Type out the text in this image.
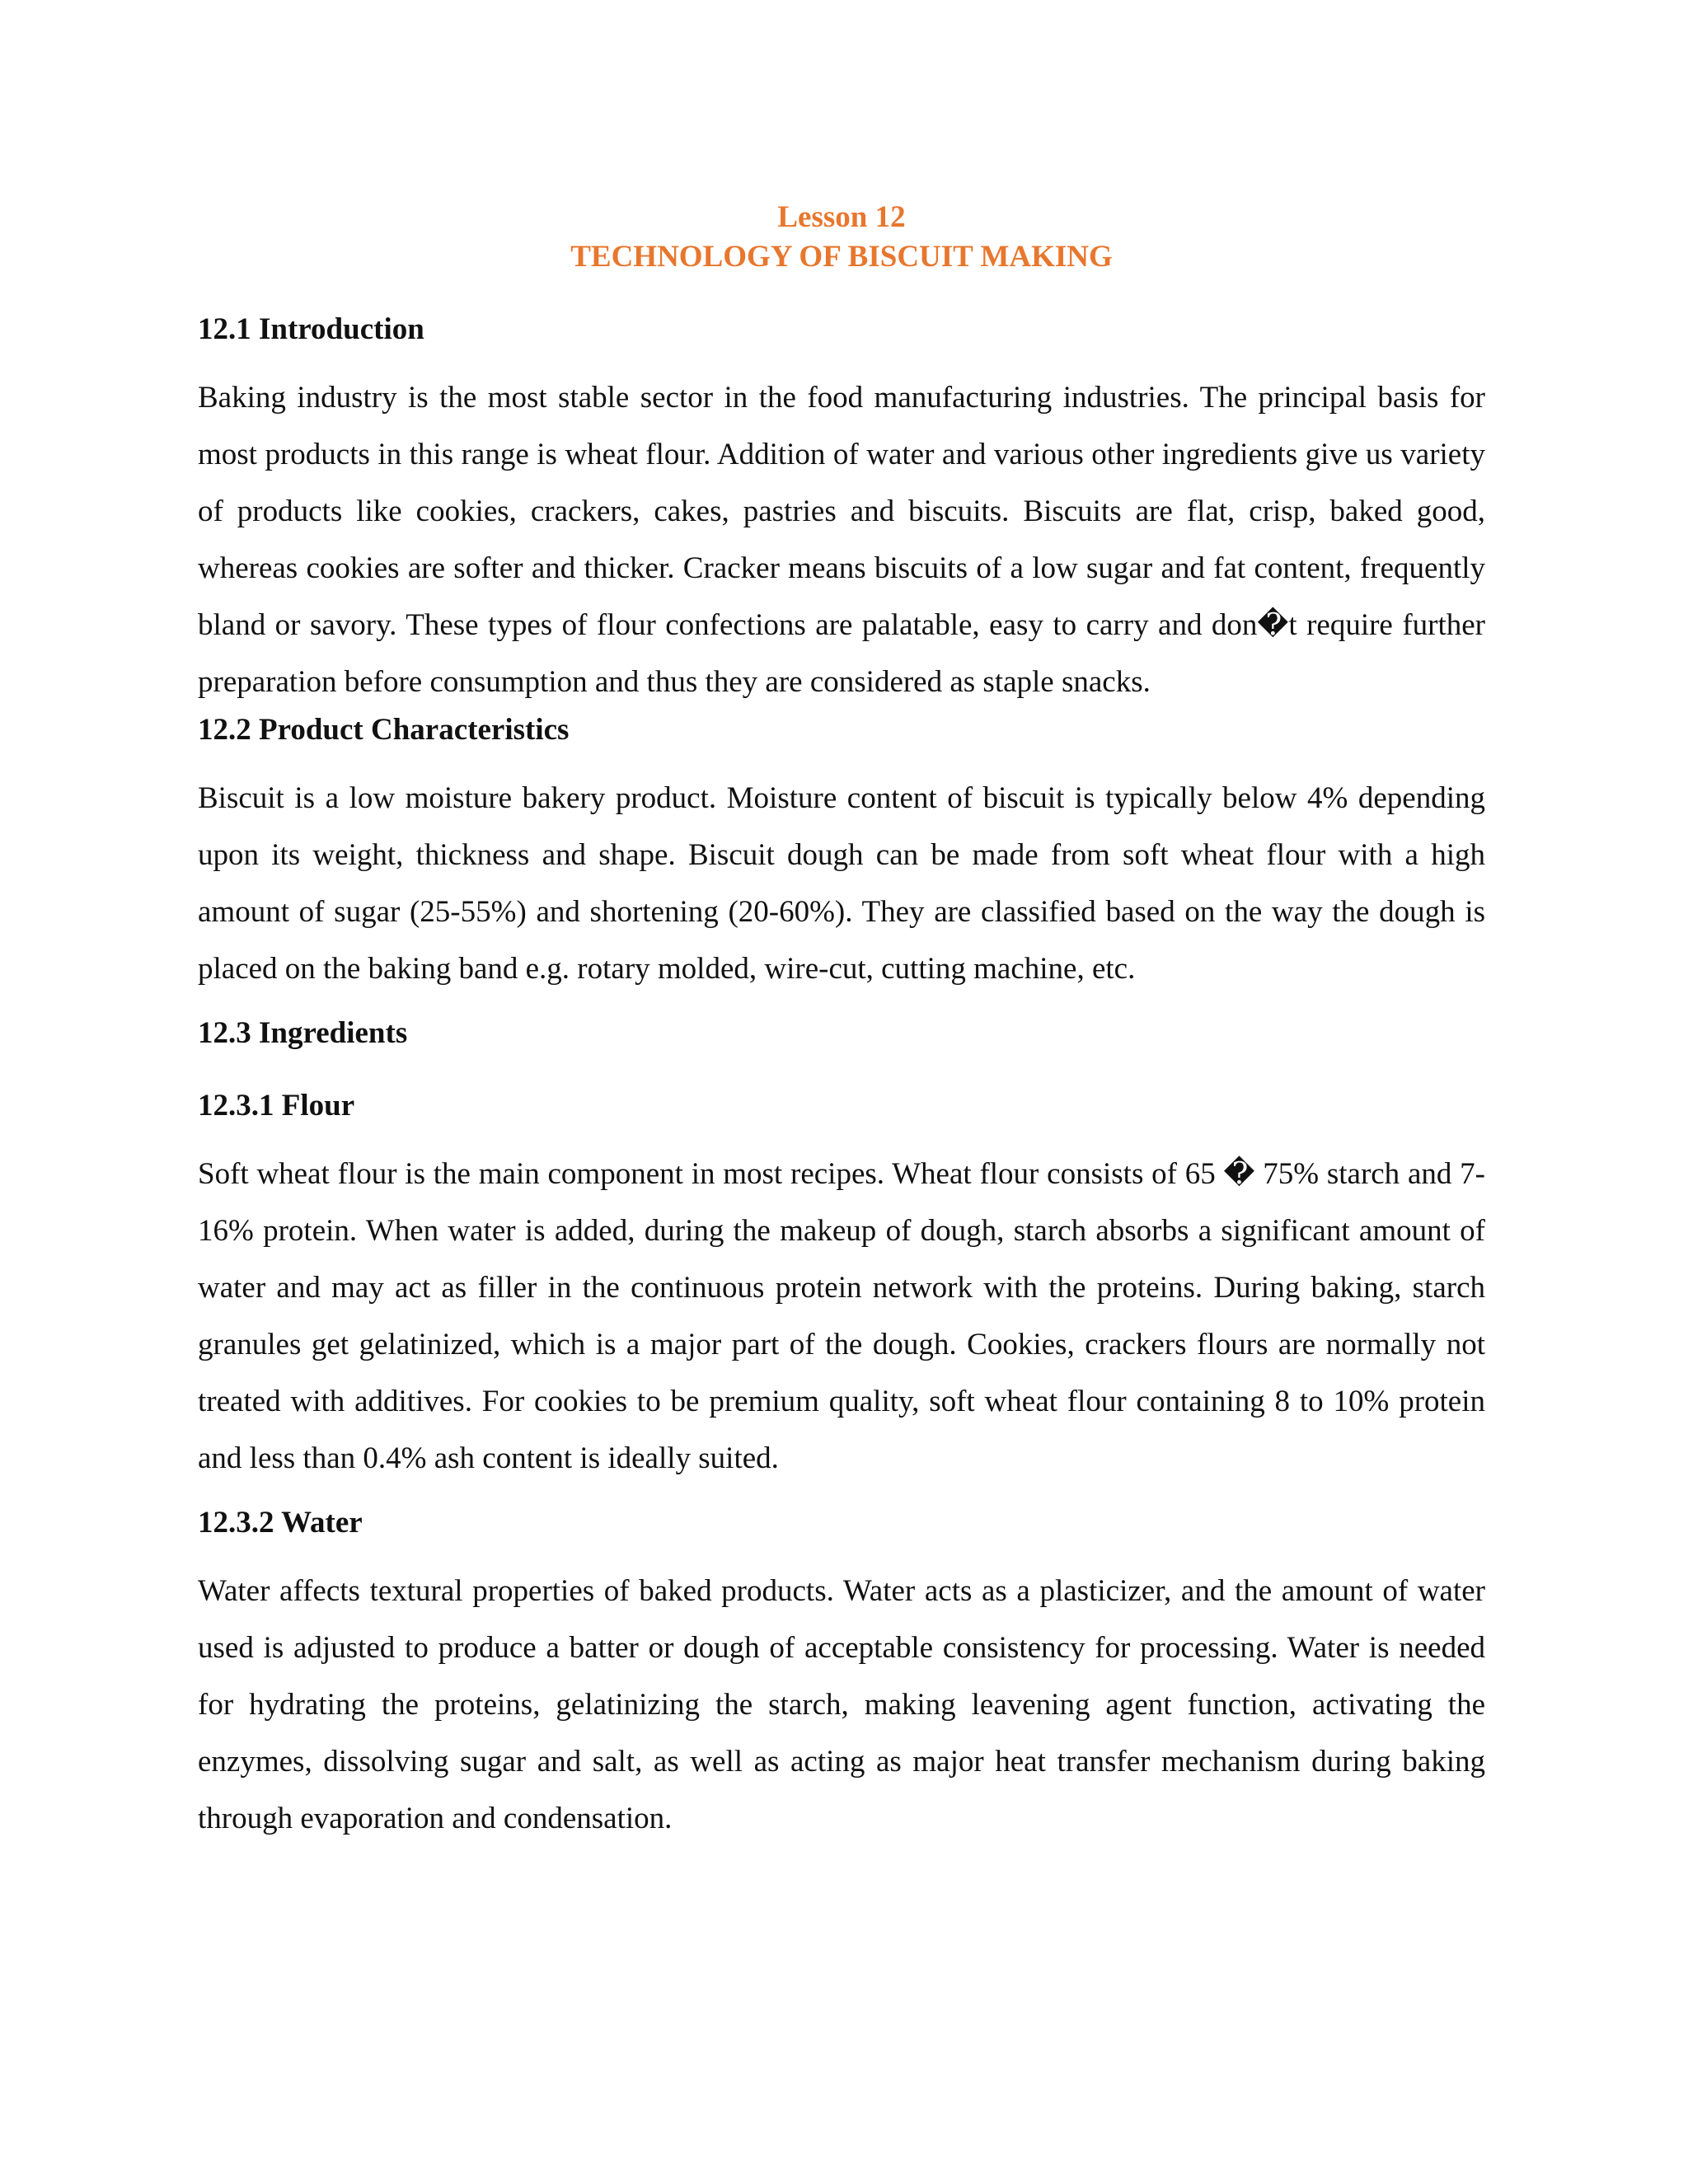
Lesson 12

TECHNOLOGY OF BISCUIT MAKING

12.1 Introduction

Baking industry is the most stable sector in the food manufacturing industries. The principal basis for most products in this range is wheat flour. Addition of water and various other ingredients give us variety of products like cookies, crackers, cakes, pastries and biscuits. Biscuits are flat, crisp, baked good, whereas cookies are softer and thicker. Cracker means biscuits of a low sugar and fat content, frequently bland or savory. These types of flour confections are palatable, easy to carry and don�t require further preparation before consumption and thus they are considered as staple snacks.

12.2 Product Characteristics

Biscuit is a low moisture bakery product. Moisture content of biscuit is typically below 4% depending upon its weight, thickness and shape. Biscuit dough can be made from soft wheat flour with a high amount of sugar (25-55%) and shortening (20-60%). They are classified based on the way the dough is placed on the baking band e.g. rotary molded, wire-cut, cutting machine, etc.

12.3 Ingredients
12.3.1 Flour

Soft wheat flour is the main component in most recipes. Wheat flour consists of 65 � 75% starch and 7- 16% protein. When water is added, during the makeup of dough, starch absorbs a significant amount of water and may act as filler in the continuous protein network with the proteins. During baking, starch granules get gelatinized, which is a major part of the dough. Cookies, crackers flours are normally not treated with additives. For cookies to be premium quality, soft wheat flour containing 8 to 10% protein and less than 0.4% ash content is ideally suited.

12.3.2 Water

Water affects textural properties of baked products. Water acts as a plasticizer, and the amount of water used is adjusted to produce a batter or dough of acceptable consistency for processing. Water is needed for hydrating the proteins, gelatinizing the starch, making leavening agent function, activating the enzymes, dissolving sugar and salt, as well as acting as major heat transfer mechanism during baking through evaporation and condensation.
